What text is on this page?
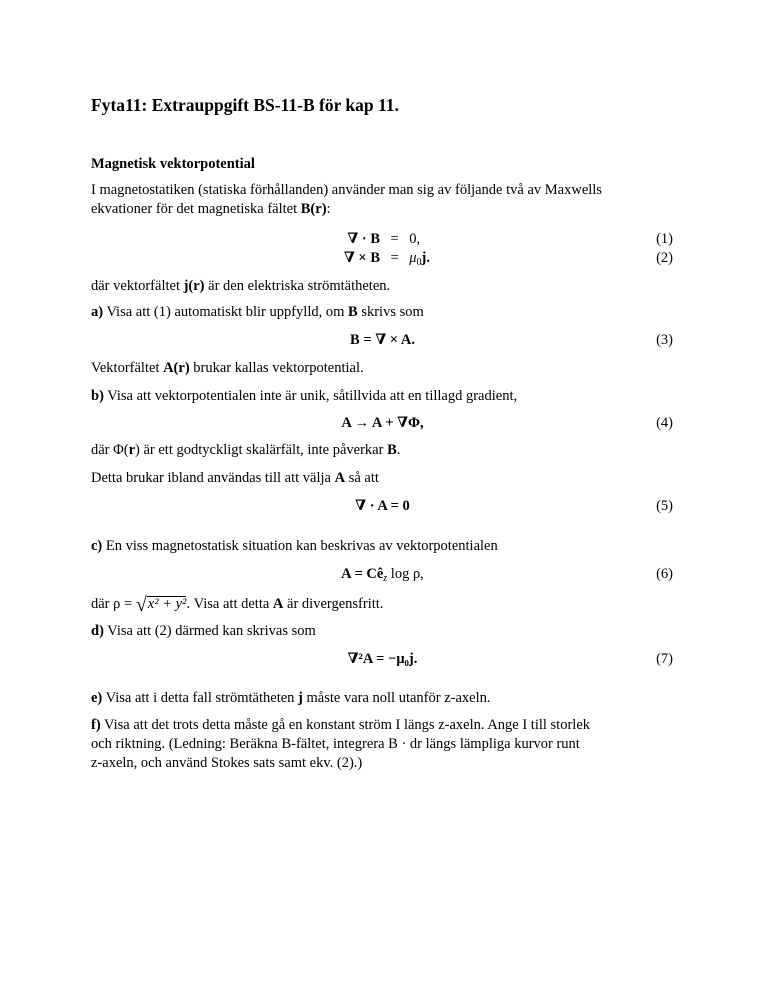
Fyta11: Extrauppgift BS-11-B för kap 11.
Magnetisk vektorpotential
I magnetostatiken (statiska förhållanden) använder man sig av följande två av Maxwells
ekvationer för det magnetiska fältet B(r):
∇ · B = 0,	(1)
∇ × $B = \mu_0j$.	(2)
där vektorfältet j(r) är den elektriska strömtätheten.
a) Visa att (1) automatiskt blir uppfylld, om B skrivs som
B = ∇ × A.	(3)
Vektorfältet A(r) brukar kallas vektorpotential.
b) Visa att vektorpotentialen inte är unik, såtillvida att en tillagd gradient,
A → A + ∇Φ,	(4)
där Φ(r) är ett godtyckligt skalärfält, inte påverkar B.
Detta brukar ibland användas till att välja A så att
∇ · A = 0	(5)
c) En viss magnetostatisk situation kan beskrivas av vektorpotentialen
$A = Cê_z$ log ρ,	(6)
där ρ = √x² + y². Visa att detta A är divergensfritt.
d) Visa att (2) därmed kan skrivas som
∇²A = −μ₀j.	(7)
e) Visa att i detta fall strömtätheten j måste vara noll utanför z-axeln.
f) Visa att det trots detta måste gå en konstant ström I längs z-axeln. Ange I till storlek
och riktning. (Ledning: Beräkna B-fältet, integrera B · dr längs lämpliga kurvor runt
z-axeln, och använd Stokes sats samt ekv. (2).)
